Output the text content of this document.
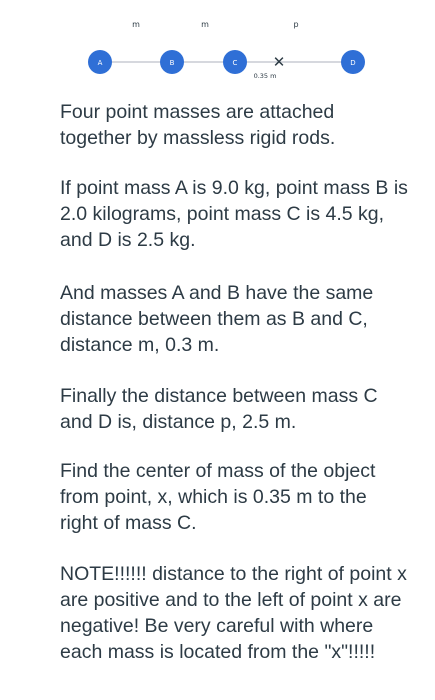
m	m	p
A	B	C	D
✕
0.35 m

Four point masses are attached together by massless rigid rods.

If point mass A is 9.0 kg, point mass B is 2.0 kilograms, point mass C is 4.5 kg, and D is 2.5 kg.

And masses A and B have the same distance between them as B and C, distance m, 0.3 m.

Finally the distance between mass C and D is, distance p, 2.5 m.

Find the center of mass of the object from point, x, which is 0.35 m to the right of mass C.

NOTE!!!!!! distance to the right of point x are positive and to the left of point x are negative! Be very careful with where each mass is located from the "x"!!!!!
